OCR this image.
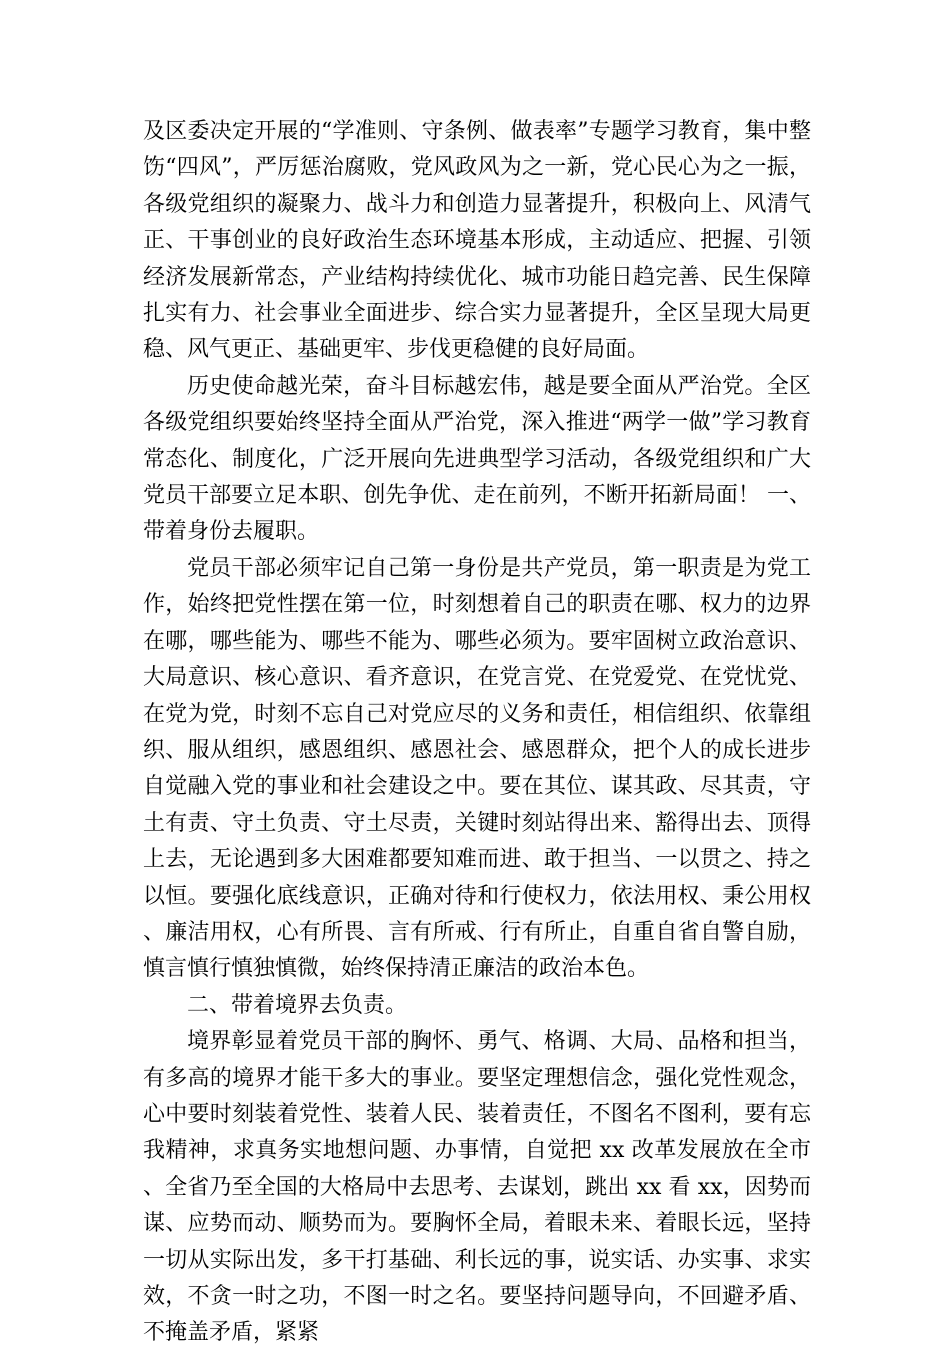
及区委决定开展的“学准则、守条例、做表率”专题学习教育，集中整饬“四风”，严厉惩治腐败，党风政风为之一新，党心民心为之一振，各级党组织的凝聚力、战斗力和创造力显著提升，积极向上、风清气正、干事创业的良好政治生态环境基本形成，主动适应、把握、引领经济发展新常态，产业结构持续优化、城市功能日趋完善、民生保障扎实有力、社会事业全面进步、综合实力显著提升，全区呈现大局更稳、风气更正、基础更牢、步伐更稳健的良好局面。

历史使命越光荣，奋斗目标越宏伟，越是要全面从严治党。全区各级党组织要始终坚持全面从严治党，深入推进“两学一做”学习教育常态化、制度化，广泛开展向先进典型学习活动，各级党组织和广大党员干部要立足本职、创先争优、走在前列，不断开拓新局面！ 一、带着身份去履职。

党员干部必须牢记自己第一身份是共产党员，第一职责是为党工作，始终把党性摆在第一位，时刻想着自己的职责在哪、权力的边界在哪，哪些能为、哪些不能为、哪些必须为。要牢固树立政治意识、大局意识、核心意识、看齐意识，在党言党、在党爱党、在党忧党、在党为党，时刻不忘自己对党应尽的义务和责任，相信组织、依靠组织、服从组织，感恩组织、感恩社会、感恩群众，把个人的成长进步自觉融入党的事业和社会建设之中。要在其位、谋其政、尽其责，守土有责、守土负责、守土尽责，关键时刻站得出来、豁得出去、顶得上去，无论遇到多大困难都要知难而进、敢于担当、一以贯之、持之以恒。要强化底线意识，正确对待和行使权力，依法用权、秉公用权、廉洁用权，心有所畏、言有所戒、行有所止，自重自省自警自励，慎言慎行慎独慎微，始终保持清正廉洁的政治本色。

二、带着境界去负责。

境界彰显着党员干部的胸怀、勇气、格调、大局、品格和担当，有多高的境界才能干多大的事业。要坚定理想信念，强化党性观念，心中要时刻装着党性、装着人民、装着责任，不图名不图利，要有忘我精神，求真务实地想问题、办事情，自觉把 xx 改革发展放在全市、全省乃至全国的大格局中去思考、去谋划，跳出 xx 看 xx，因势而谋、应势而动、顺势而为。要胸怀全局，着眼未来、着眼长远，坚持一切从实际出发，多干打基础、利长远的事，说实话、办实事、求实效，不贪一时之功，不图一时之名。要坚持问题导向，不回避矛盾、不掩盖矛盾，紧紧
